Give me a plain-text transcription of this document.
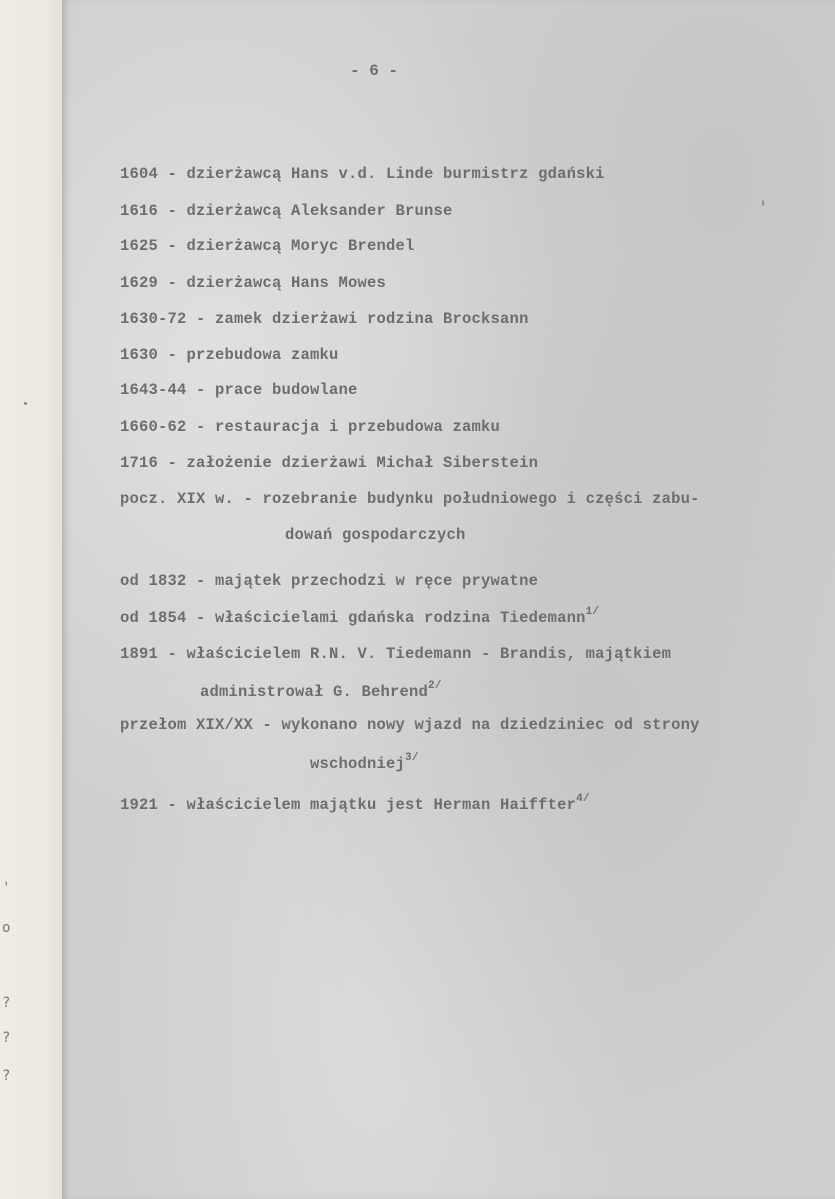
'
o
?
?
?
- 6 -
1604 - dzierżawcą Hans v.d. Linde burmistrz gdański
1616 - dzierżawcą Aleksander Brunse
1625 - dzierżawcą Moryc Brendel
1629 - dzierżawcą Hans Mowes
1630-72 - zamek dzierżawi rodzina Brocksann
1630 - przebudowa zamku
1643-44 - prace budowlane
1660-62 - restauracja i przebudowa zamku
1716 - założenie dzierżawi Michał Siberstein
pocz. XIX w. - rozebranie budynku południowego i części zabu-
dowań gospodarczych
od 1832 - majątek przechodzi w ręce prywatne
od 1854 - właścicielami gdańska rodzina Tiedemann$^{1/}$
1891 - właścicielem R.N. V. Tiedemann - Brandis, majątkiem
administrował G. Behrend$^{2/}$
przełom XIX/XX - wykonano nowy wjazd na dziedziniec od strony
wschodniej$^{3/}$
1921 - właścicielem majątku jest Herman Haiffter$^{4/}$
